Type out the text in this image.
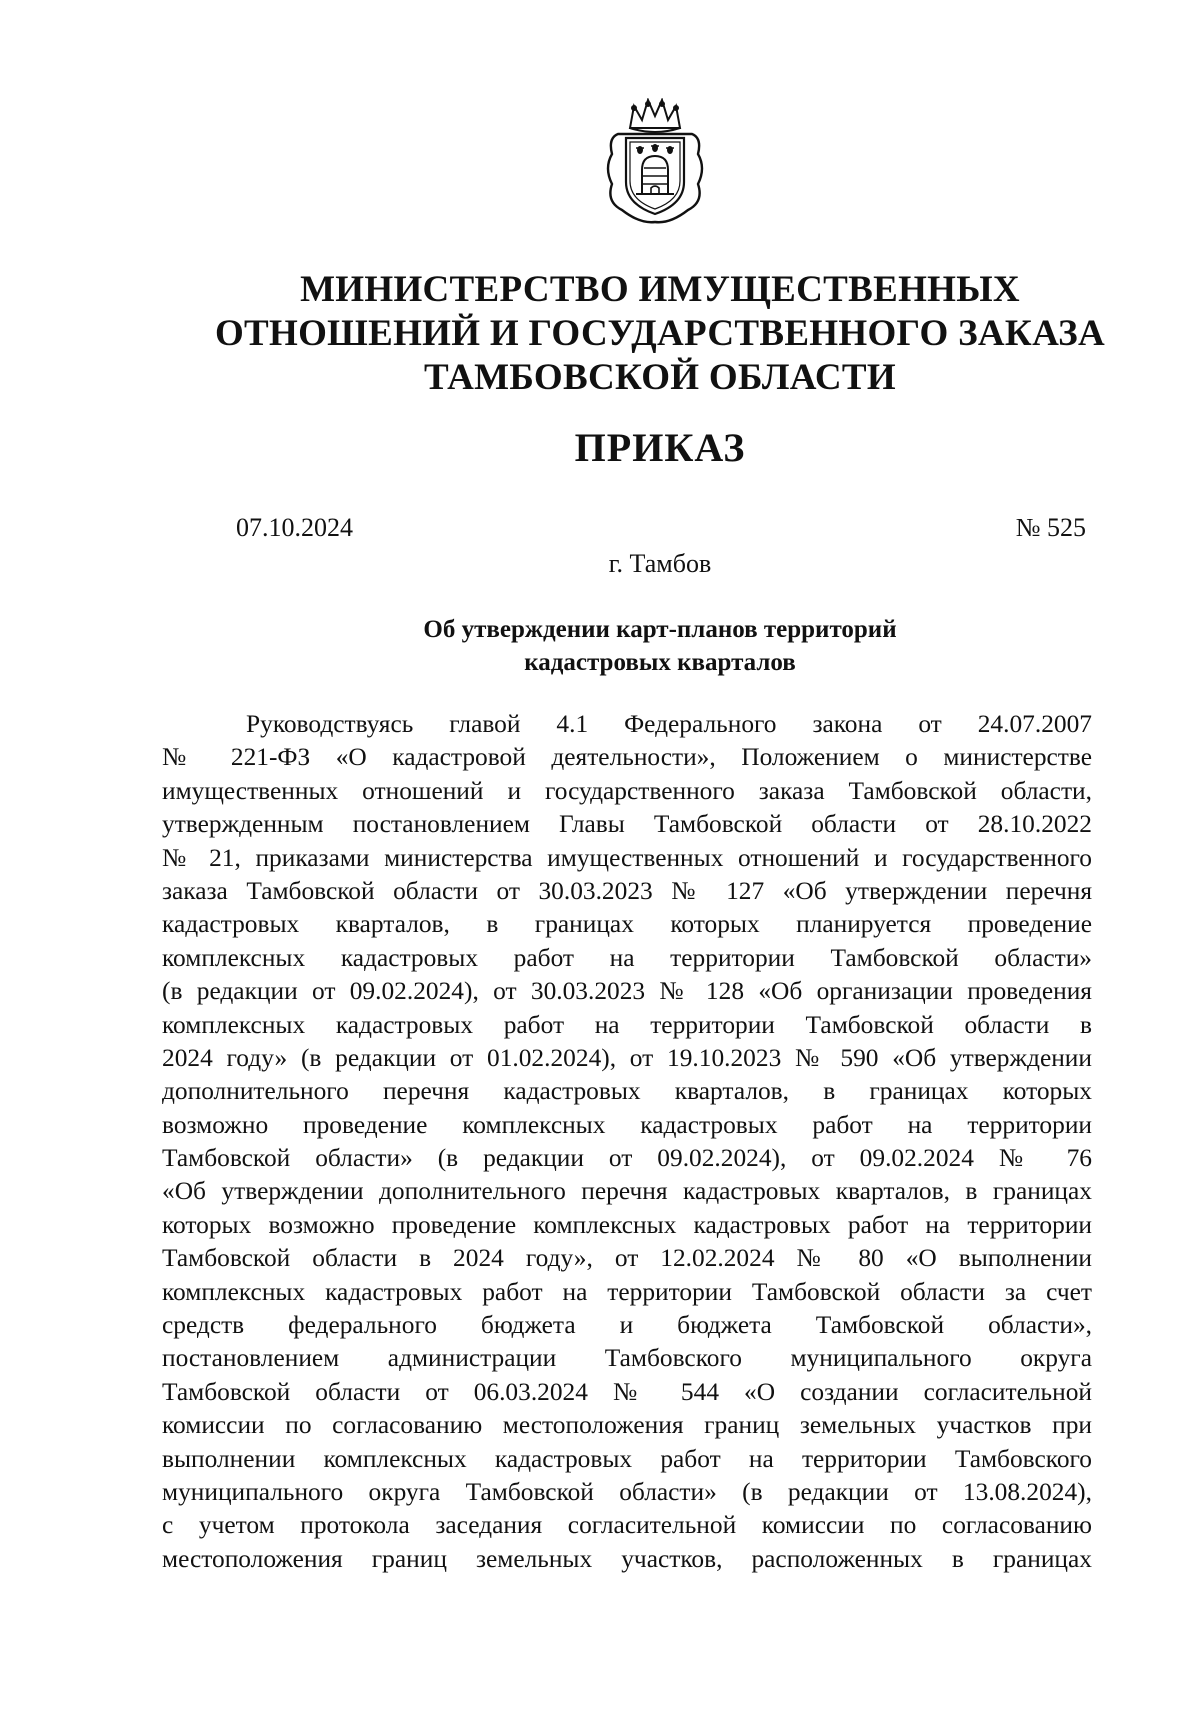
МИНИСТЕРСТВО ИМУЩЕСТВЕННЫХ
ОТНОШЕНИЙ И ГОСУДАРСТВЕННОГО ЗАКАЗА
ТАМБОВСКОЙ ОБЛАСТИ
ПРИКАЗ
07.10.2024	№ 525
г. Тамбов
Об утверждении карт-планов территорий
кадастровых кварталов
Руководствуясь главой 4.1 Федерального закона от 24.07.2007
№ 221-ФЗ «О кадастровой деятельности», Положением о министерстве
имущественных отношений и государственного заказа Тамбовской области,
утвержденным постановлением Главы Тамбовской области от 28.10.2022
№ 21, приказами министерства имущественных отношений и государственного
заказа Тамбовской области от 30.03.2023 № 127 «Об утверждении перечня
кадастровых кварталов, в границах которых планируется проведение
комплексных кадастровых работ на территории Тамбовской области»
(в редакции от 09.02.2024), от 30.03.2023 № 128 «Об организации проведения
комплексных кадастровых работ на территории Тамбовской области в
2024 году» (в редакции от 01.02.2024), от 19.10.2023 № 590 «Об утверждении
дополнительного перечня кадастровых кварталов, в границах которых
возможно проведение комплексных кадастровых работ на территории
Тамбовской области» (в редакции от 09.02.2024), от 09.02.2024 № 76
«Об утверждении дополнительного перечня кадастровых кварталов, в границах
которых возможно проведение комплексных кадастровых работ на территории
Тамбовской области в 2024 году», от 12.02.2024 № 80 «О выполнении
комплексных кадастровых работ на территории Тамбовской области за счет
средств федерального бюджета и бюджета Тамбовской области»,
постановлением администрации Тамбовского муниципального округа
Тамбовской области от 06.03.2024 № 544 «О создании согласительной
комиссии по согласованию местоположения границ земельных участков при
выполнении комплексных кадастровых работ на территории Тамбовского
муниципального округа Тамбовской области» (в редакции от 13.08.2024),
с учетом протокола заседания согласительной комиссии по согласованию
местоположения границ земельных участков, расположенных в границах
